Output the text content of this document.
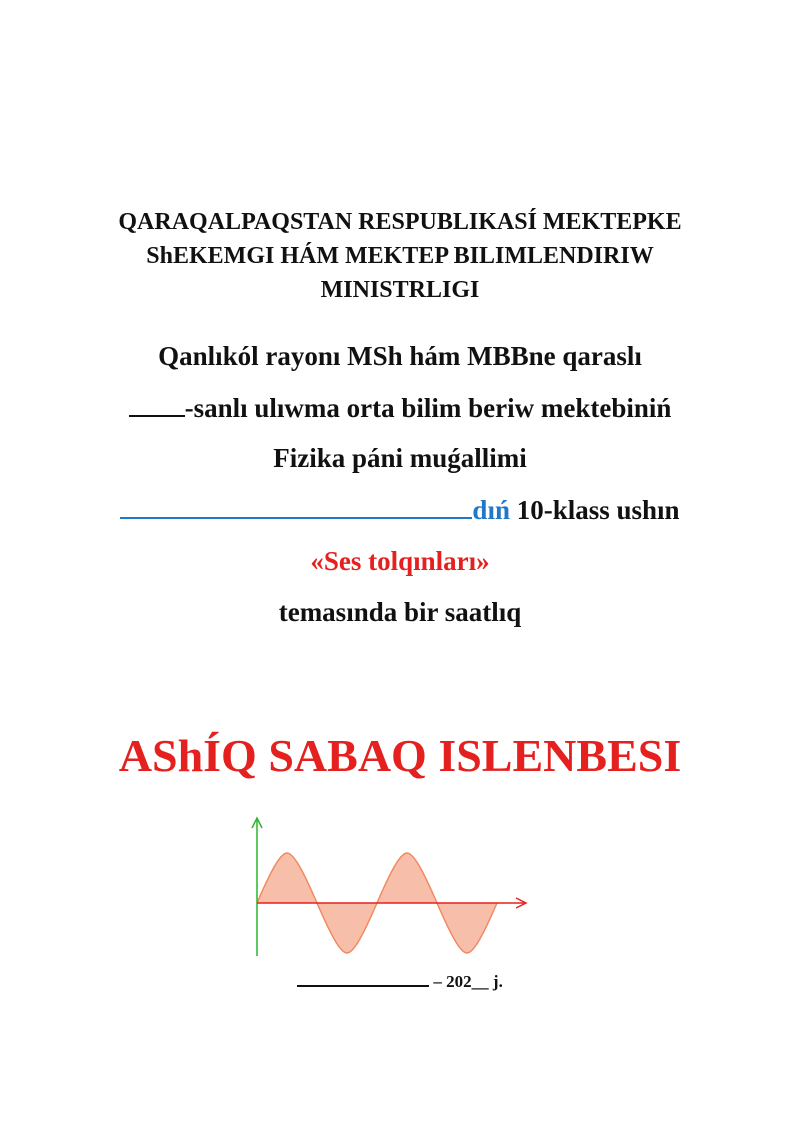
QARAQALPAQSTAN RESPUBLIKASÍ MEKTEPKE
ShEKEMGI HÁM MEKTEP BILIMLENDIRIW
MINISTRLIGI
Qanlıkól rayonı MSh hám MBBne qaraslı
-sanlı ulıwma orta bilim beriw mektebiniń
Fizika páni muǵallimi
dıń 10-klass ushın
«Ses tolqınları»
temasında bir saatlıq
AShÍQ SABAQ ISLENBESI
– 202__ j.
